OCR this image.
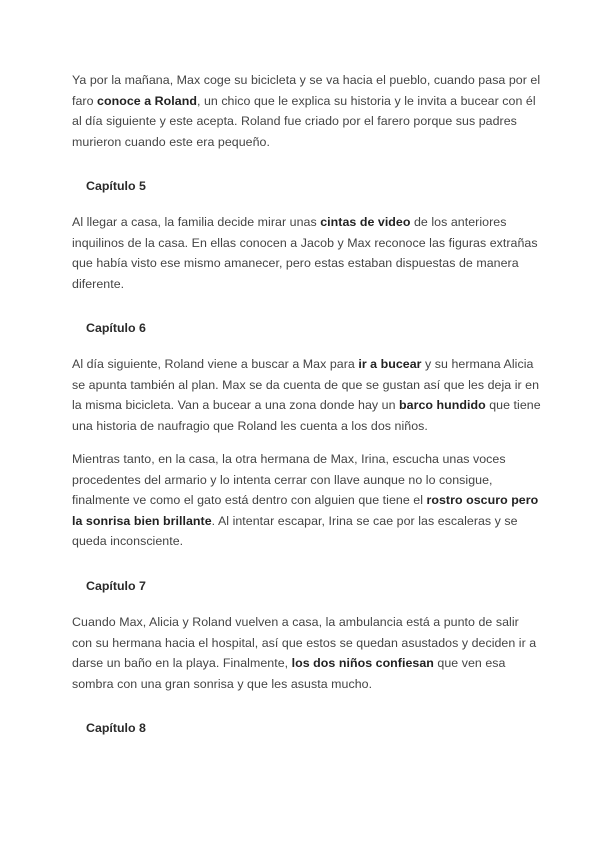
Ya por la mañana, Max coge su bicicleta y se va hacia el pueblo, cuando pasa por el faro conoce a Roland, un chico que le explica su historia y le invita a bucear con él al día siguiente y este acepta. Roland fue criado por el farero porque sus padres murieron cuando este era pequeño.
Capítulo 5
Al llegar a casa, la familia decide mirar unas cintas de video de los anteriores inquilinos de la casa. En ellas conocen a Jacob y Max reconoce las figuras extrañas que había visto ese mismo amanecer, pero estas estaban dispuestas de manera diferente.
Capítulo 6
Al día siguiente, Roland viene a buscar a Max para ir a bucear y su hermana Alicia se apunta también al plan. Max se da cuenta de que se gustan así que les deja ir en la misma bicicleta. Van a bucear a una zona donde hay un barco hundido que tiene una historia de naufragio que Roland les cuenta a los dos niños.
Mientras tanto, en la casa, la otra hermana de Max, Irina, escucha unas voces procedentes del armario y lo intenta cerrar con llave aunque no lo consigue, finalmente ve como el gato está dentro con alguien que tiene el rostro oscuro pero la sonrisa bien brillante. Al intentar escapar, Irina se cae por las escaleras y se queda inconsciente.
Capítulo 7
Cuando Max, Alicia y Roland vuelven a casa, la ambulancia está a punto de salir con su hermana hacia el hospital, así que estos se quedan asustados y deciden ir a darse un baño en la playa. Finalmente, los dos niños confiesan que ven esa sombra con una gran sonrisa y que les asusta mucho.
Capítulo 8
